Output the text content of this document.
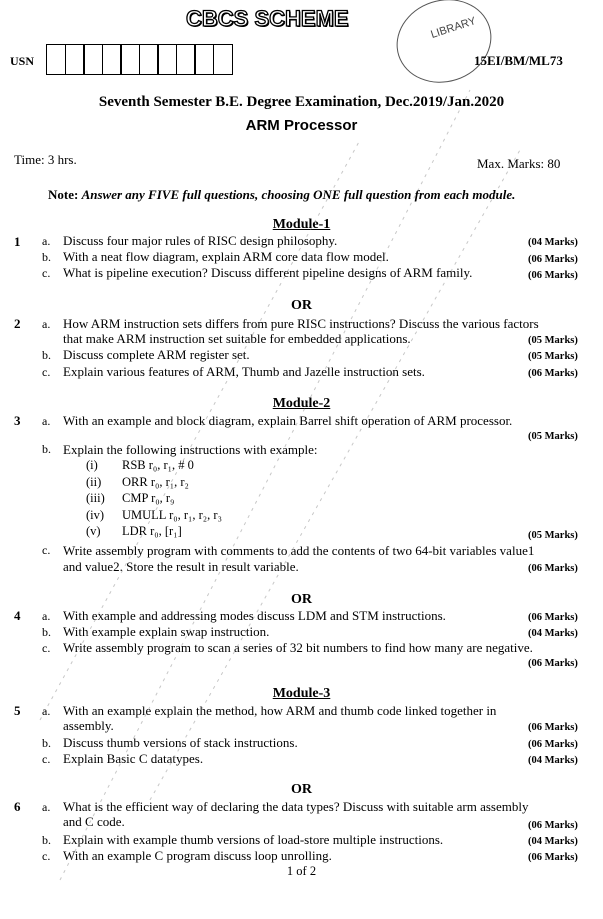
CBCS SCHEME	LIBRARY
USN	15EI/BM/ML73
Seventh Semester B.E. Degree Examination, Dec.2019/Jan.2020
ARM Processor
Time: 3 hrs.	Max. Marks: 80
Note: Answer any FIVE full questions, choosing ONE full question from each module.
Module-1
1 a. Discuss four major rules of RISC design philosophy.	(04 Marks)
b. With a neat flow diagram, explain ARM core data flow model.	(06 Marks)
c. What is pipeline execution? Discuss different pipeline designs of ARM family.	(06 Marks)
OR
2 a. How ARM instruction sets differs from pure RISC instructions? Discuss the various factors
that make ARM instruction set suitable for embedded applications.	(05 Marks)
b. Discuss complete ARM register set.	(05 Marks)
c. Explain various features of ARM, Thumb and Jazelle instruction sets.	(06 Marks)
Module-2
3 a. With an example and block diagram, explain Barrel shift operation of ARM processor.
(05 Marks)
b. Explain the following instructions with example:
(i) RSB r₀, r₁, # 0
(ii) ORR r₀, r₁, r₂
(iii) CMP r₀, r₉
(iv) UMULL r₀, r₁, r₂, r₃
(v) LDR r₀, [r₁]	(05 Marks)
c. Write assembly program with comments to add the contents of two 64-bit variables value1
and value2. Store the result in result variable.	(06 Marks)
OR
4 a. With example and addressing modes discuss LDM and STM instructions.	(06 Marks)
b. With example explain swap instruction.	(04 Marks)
c. Write assembly program to scan a series of 32 bit numbers to find how many are negative.
(06 Marks)
Module-3
5 a. With an example explain the method, how ARM and thumb code linked together in
assembly.	(06 Marks)
b. Discuss thumb versions of stack instructions.	(06 Marks)
c. Explain Basic C datatypes.	(04 Marks)
OR
6 a. What is the efficient way of declaring the data types? Discuss with suitable arm assembly
and C code.	(06 Marks)
b. Explain with example thumb versions of load-store multiple instructions.	(04 Marks)
c. With an example C program discuss loop unrolling.	(06 Marks)
1 of 2
